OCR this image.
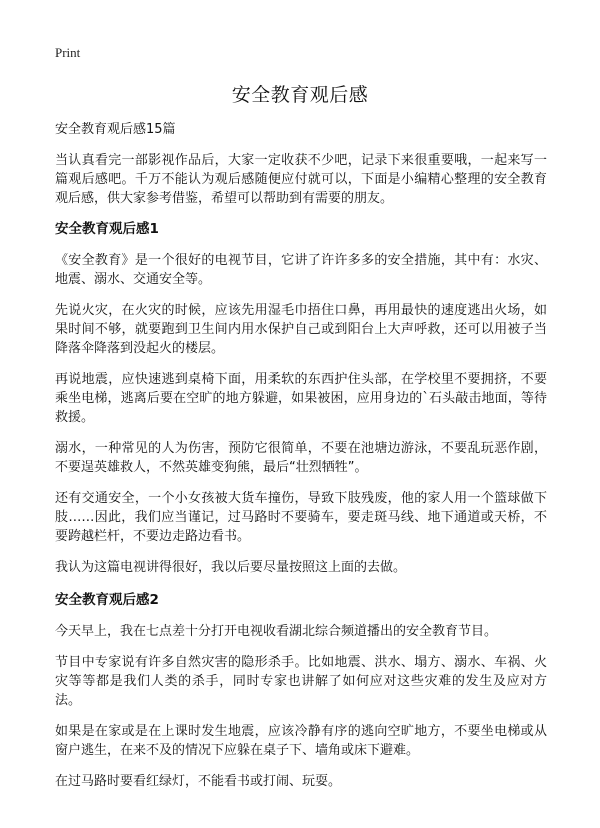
Print
安全教育观后感

安全教育观后感15篇

当认真看完一部影视作品后，大家一定收获不少吧，记录下来很重要哦，一起来写一篇观后感吧。千万不能认为观后感随便应付就可以，下面是小编精心整理的安全教育观后感，供大家参考借鉴，希望可以帮助到有需要的朋友。

安全教育观后感1

《安全教育》是一个很好的电视节目，它讲了许许多多的安全措施，其中有：水灾、地震、溺水、交通安全等。

先说火灾，在火灾的时候，应该先用湿毛巾捂住口鼻，再用最快的速度逃出火场，如果时间不够，就要跑到卫生间内用水保护自己或到阳台上大声呼救，还可以用被子当降落伞降落到没起火的楼层。

再说地震，应快速逃到桌椅下面，用柔软的东西护住头部，在学校里不要拥挤，不要乘坐电梯，逃离后要在空旷的地方躲避，如果被困，应用身边的`石头敲击地面，等待救援。

溺水，一种常见的人为伤害，预防它很简单，不要在池塘边游泳，不要乱玩恶作剧，不要逞英雄救人，不然英雄变狗熊，最后“壮烈牺牲”。

还有交通安全，一个小女孩被大货车撞伤，导致下肢残废，他的家人用一个篮球做下肢……因此，我们应当谨记，过马路时不要骑车，要走斑马线、地下通道或天桥，不要跨越栏杆，不要边走路边看书。

我认为这篇电视讲得很好，我以后要尽量按照这上面的去做。

安全教育观后感2

今天早上，我在七点差十分打开电视收看湖北综合频道播出的安全教育节目。

节目中专家说有许多自然灾害的隐形杀手。比如地震、洪水、塌方、溺水、车祸、火灾等等都是我们人类的杀手，同时专家也讲解了如何应对这些灾难的发生及应对方法。

如果是在家或是在上课时发生地震，应该冷静有序的逃向空旷地方，不要坐电梯或从窗户逃生，在来不及的情况下应躲在桌子下、墙角或床下避难。

在过马路时要看红绿灯，不能看书或打闹、玩耍。
